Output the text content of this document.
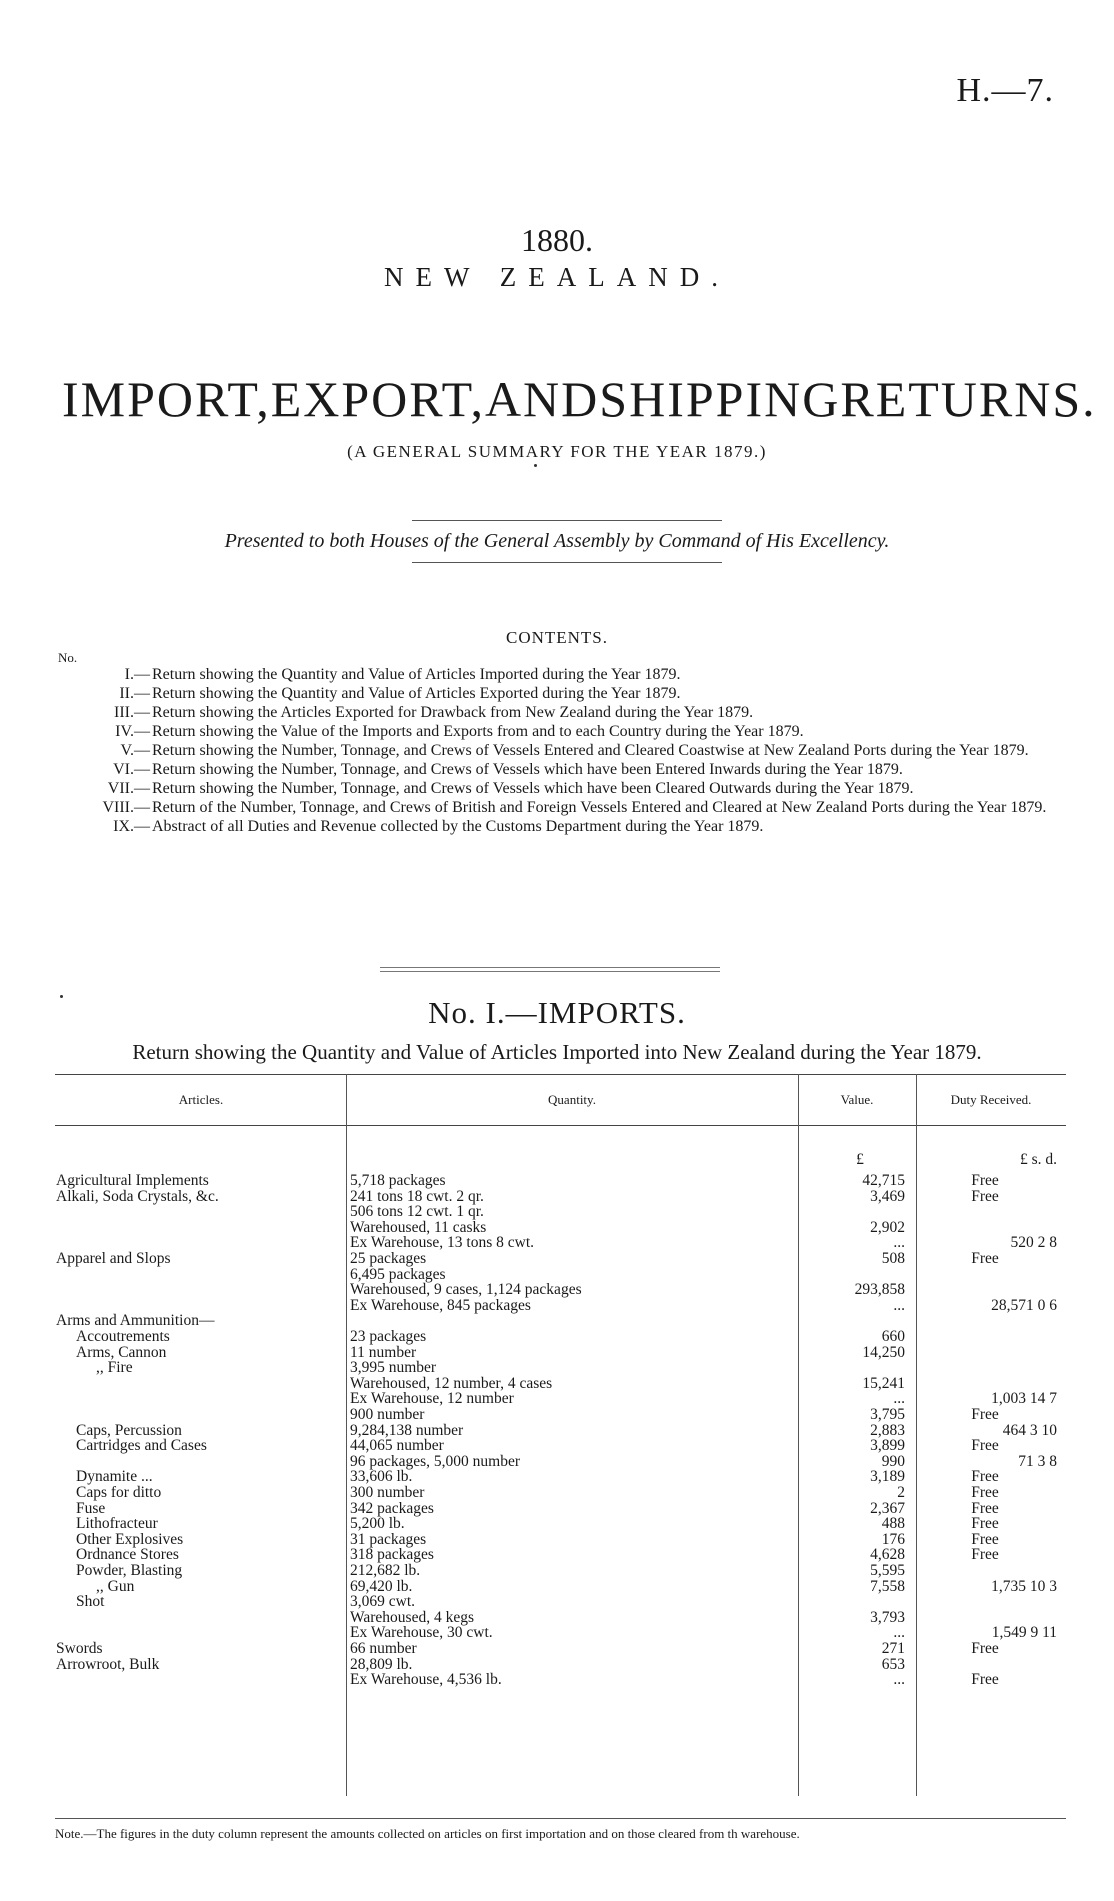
H.—7.
1880.
NEW ZEALAND.
IMPORT, EXPORT, AND SHIPPING RETURNS.
(A GENERAL SUMMARY FOR THE YEAR 1879.)
Presented to both Houses of the General Assembly by Command of His Excellency.
CONTENTS.
No.
I.— Return showing the Quantity and Value of Articles Imported during the Year 1879.
II.— Return showing the Quantity and Value of Articles Exported during the Year 1879.
III.— Return showing the Articles Exported for Drawback from New Zealand during the Year 1879.
IV.— Return showing the Value of the Imports and Exports from and to each Country during the Year 1879.
V.— Return showing the Number, Tonnage, and Crews of Vessels Entered and Cleared Coastwise at New Zealand Ports during the Year 1879.
VI.— Return showing the Number, Tonnage, and Crews of Vessels which have been Entered Inwards during the Year 1879.
VII.— Return showing the Number, Tonnage, and Crews of Vessels which have been Cleared Outwards during the Year 1879.
VIII.— Return of the Number, Tonnage, and Crews of British and Foreign Vessels Entered and Cleared at New Zealand Ports during the Year 1879.
IX.— Abstract of all Duties and Revenue collected by the Customs Department during the Year 1879.
No. I.—IMPORTS.
Return showing the Quantity and Value of Articles Imported into New Zealand during the Year 1879.
Articles.	Quantity.	Value.	Duty Received.
£	£ s. d.
Agricultural Implements	5,718 packages	42,715	Free
Alkali, Soda Crystals, &c.	241 tons 18 cwt. 2 qr.	3,469	Free
506 tons 12 cwt. 1 qr.
Warehoused, 11 casks	2,902
Ex Warehouse, 13 tons 8 cwt.	...	520 2 8
Apparel and Slops	25 packages	508	Free
6,495 packages
Warehoused, 9 cases, 1,124 packages	293,858
Ex Warehouse, 845 packages	...	28,571 0 6
Arms and Ammunition—
Accoutrements	23 packages	660
Arms, Cannon	11 number	14,250
,, Fire	3,995 number
Warehoused, 12 number, 4 cases	15,241
Ex Warehouse, 12 number	...	1,003 14 7
900 number	3,795	Free
Caps, Percussion	9,284,138 number	2,883	464 3 10
Cartridges and Cases	44,065 number	3,899	Free
96 packages, 5,000 number	990	71 3 8
Dynamite ...	33,606 lb.	3,189	Free
Caps for ditto	300 number	2	Free
Fuse	342 packages	2,367	Free
Lithofracteur	5,200 lb.	488	Free
Other Explosives	31 packages	176	Free
Ordnance Stores	318 packages	4,628	Free
Powder, Blasting	212,682 lb.	5,595
,, Gun	69,420 lb.	7,558	1,735 10 3
Shot	3,069 cwt.
Warehoused, 4 kegs	3,793
Ex Warehouse, 30 cwt.	...	1,549 9 11
Swords	66 number	271	Free
Arrowroot, Bulk	28,809 lb.	653
Ex Warehouse, 4,536 lb.	...	Free
Note.—The figures in the duty column represent the amounts collected on articles on first importation and on those cleared from th warehouse.
